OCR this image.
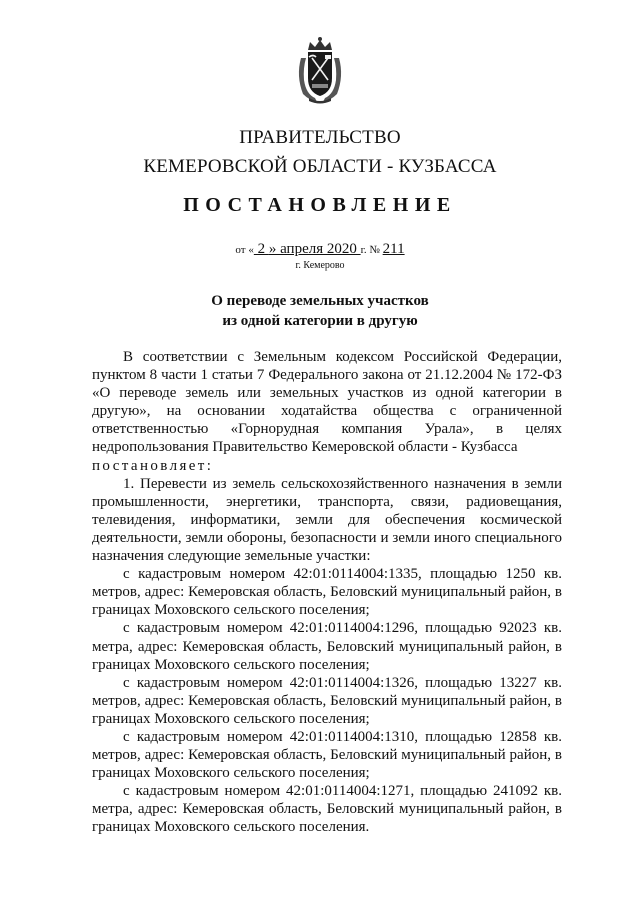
ПРАВИТЕЛЬСТВО
КЕМЕРОВСКОЙ ОБЛАСТИ - КУЗБАССА
ПОСТАНОВЛЕНИЕ
от « 2 » апреля 2020 г. № 211
г. Кемерово
О переводе земельных участков
из одной категории в другую

В соответствии с Земельным кодексом Российской Федерации, пунктом 8 части 1 статьи 7 Федерального закона от 21.12.2004 № 172-ФЗ «О переводе земель или земельных участков из одной категории в другую», на основании ходатайства общества с ограниченной ответственностью «Горнорудная компания Урала», в целях недропользования Правительство Кемеровской области - Кузбасса

постановляет:

1. Перевести из земель сельскохозяйственного назначения в земли промышленности, энергетики, транспорта, связи, радиовещания, телевидения, информатики, земли для обеспечения космической деятельности, земли обороны, безопасности и земли иного специального назначения следующие земельные участки:

с кадастровым номером 42:01:0114004:1335, площадью 1250 кв. метров, адрес: Кемеровская область, Беловский муниципальный район, в границах Моховского сельского поселения;

с кадастровым номером 42:01:0114004:1296, площадью 92023 кв. метра, адрес: Кемеровская область, Беловский муниципальный район, в границах Моховского сельского поселения;

с кадастровым номером 42:01:0114004:1326, площадью 13227 кв. метров, адрес: Кемеровская область, Беловский муниципальный район, в границах Моховского сельского поселения;

с кадастровым номером 42:01:0114004:1310, площадью 12858 кв. метров, адрес: Кемеровская область, Беловский муниципальный район, в границах Моховского сельского поселения;

с кадастровым номером 42:01:0114004:1271, площадью 241092 кв. метра, адрес: Кемеровская область, Беловский муниципальный район, в границах Моховского сельского поселения.
